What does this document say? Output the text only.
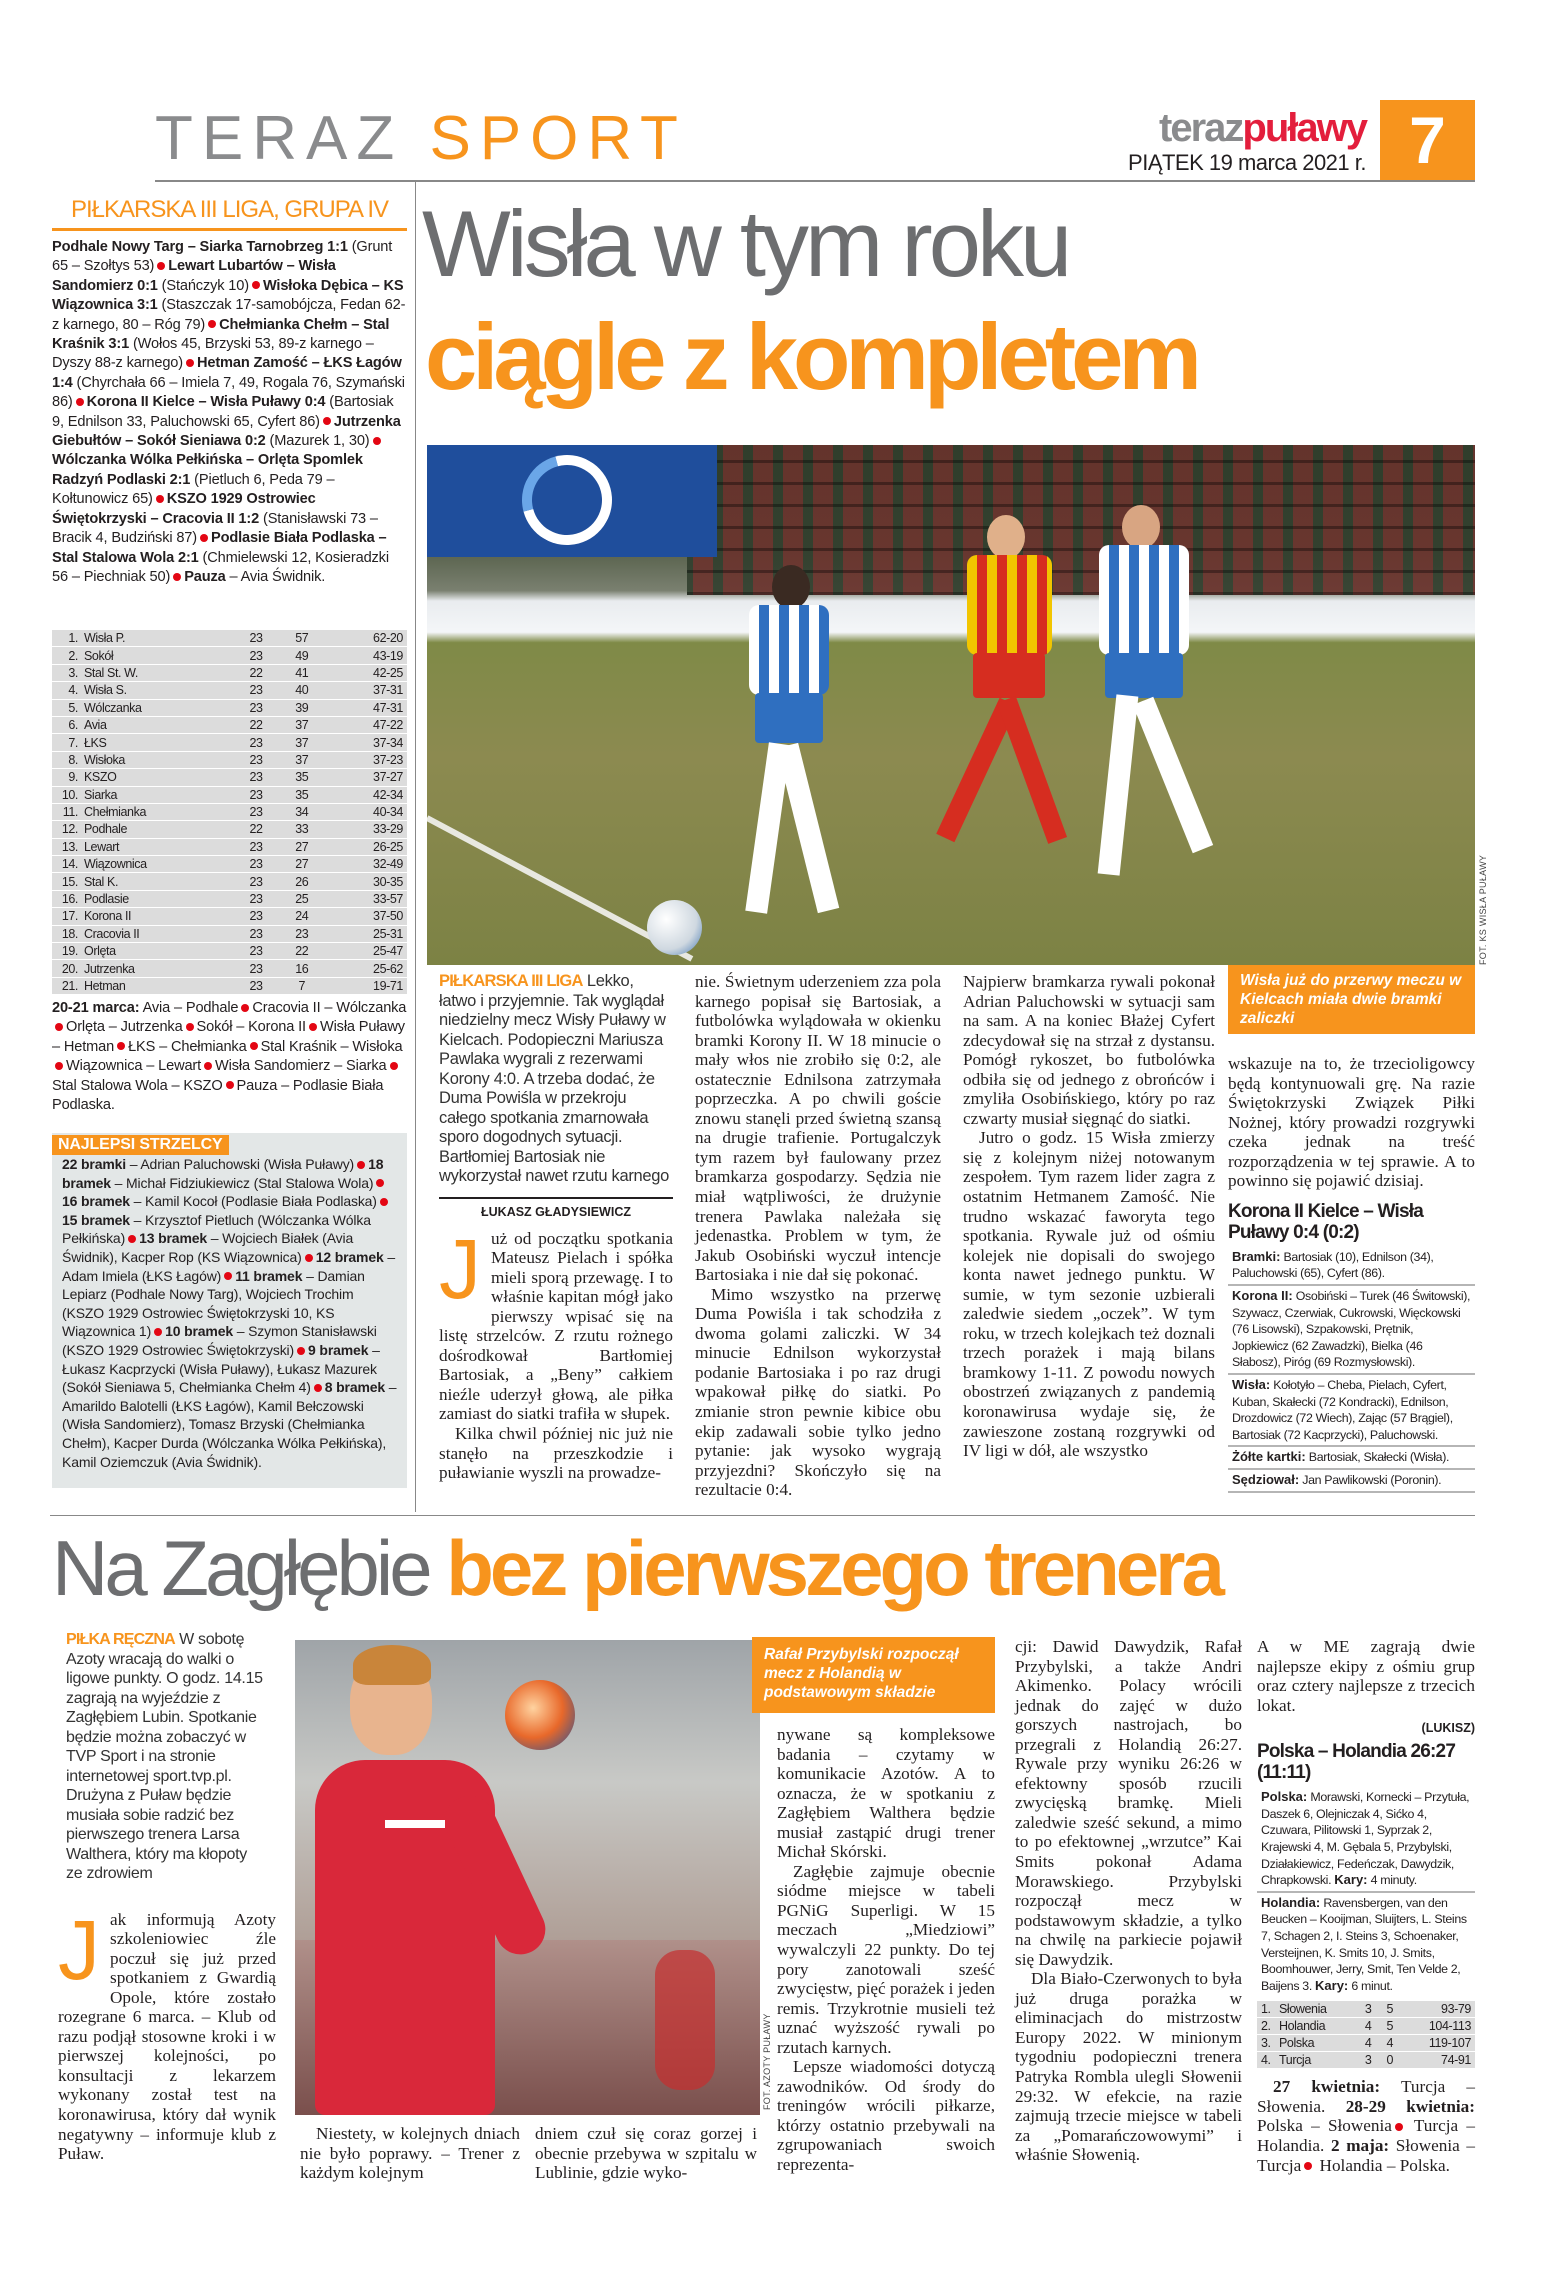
TERAZ SPORT	terazpuławy
PIĄTEK 19 marca 2021 r. 7
PIŁKARSKA III LIGA, GRUPA IV
Podhale Nowy Targ – Siarka Tarnobrzeg 1:1 (Grunt 65 – Szołtys 53) Lewart Lubartów – Wisła Sandomierz 0:1 (Stańczyk 10) Wisłoka Dębica – KS Wiązownica 3:1 (Staszczak 17-samobójcza, Fedan 62-z karnego, 80 – Róg 79) Chełmianka Chełm – Stal Kraśnik 3:1 (Wołos 45, Brzyski 53, 89-z karnego – Dyszy 88-z karnego) Hetman Zamość – ŁKS Łagów 1:4 (Chyrchała 66 – Imiela 7, 49, Rogala 76, Szymański 86) Korona II Kielce – Wisła Puławy 0:4 (Bartosiak 9, Ednilson 33, Paluchowski 65, Cyfert 86) Jutrzenka Giebułtów – Sokół Sieniawa 0:2 (Mazurek 1, 30)Wólczanka Wólka Pełkińska – Orlęta Spomlek Radzyń Podlaski 2:1 (Pietluch 6, Peda 79 – Kołtunowicz 65) KSZO 1929 Ostrowiec Świętokrzyski – Cracovia II 1:2 (Stanisławski 73 – Bracik 4, Budziński 87) Podlasie Biała Podlaska – Stal Stalowa Wola 2:1 (Chmielewski 12, Kosieradzki 56 – Piechniak 50) Pauza – Avia Świdnik.
1.	Wisła P.	23	57	62-20
2.	Sokół	23	49	43-19
3.	Stal St. W.	22	41	42-25
4.	Wisła S.	23	40	37-31
5.	Wólczanka	23	39	47-31
6.	Avia	22	37	47-22
7.	ŁKS	23	37	37-34
8.	Wisłoka	23	37	37-23
9.	KSZO	23	35	37-27
10.	Siarka	23	35	42-34
11.	Chełmianka	23	34	40-34
12.	Podhale	22	33	33-29
13.	Lewart	23	27	26-25
14.	Wiązownica	23	27	32-49
15.	Stal K.	23	26	30-35
16.	Podlasie	23	25	33-57
17.	Korona II	23	24	37-50
18.	Cracovia II	23	23	25-31
19.	Orlęta	23	22	25-47
20.	Jutrzenka	23	16	25-62
21.	Hetman	23	7	19-71
20-21 marca: Avia – Podhale Cracovia II – WólczankaOrlęta – Jutrzenka Sokół – Korona II Wisła Puławy – Hetman ŁKS – Chełmianka Stal Kraśnik – WisłokaWiązownica – Lewart Wisła Sandomierz – SiarkaStal Stalowa Wola – KSZO Pauza – Podlasie Biała Podlaska.
NAJLEPSI STRZELCY
22 bramki – Adrian Paluchowski (Wisła Puławy) 18 bramek – Michał Fidziukiewicz (Stal Stalowa Wola)16 bramek – Kamil Kocoł (Podlasie Biała Podlaska)15 bramek – Krzysztof Pietluch (Wólczanka Wólka Pełkińska) 13 bramek – Wojciech Białek (Avia Świdnik), Kacper Rop (KS Wiązownica) 12 bramek – Adam Imiela (ŁKS Łagów) 11 bramek – Damian Lepiarz (Podhale Nowy Targ), Wojciech Trochim (KSZO 1929 Ostrowiec Świętokrzyski 10, KS Wiązownica 1) 10 bramek – Szymon Stanisławski (KSZO 1929 Ostrowiec Świętokrzyski) 9 bramek – Łukasz Kacprzycki (Wisła Puławy), Łukasz Mazurek (Sokół Sieniawa 5, Chełmianka Chełm 4) 8 bramek – Amarildo Balotelli (ŁKS Łagów), Kamil Bełczowski (Wisła Sandomierz), Tomasz Brzyski (Chełmianka Chełm), Kacper Durda (Wólczanka Wólka Pełkińska), Kamil Oziemczuk (Avia Świdnik).
Wisła w tym roku
ciągle z kompletem
FOT. KS WISŁA PUŁAWY
PIŁKARSKA III LIGA Lekko, łatwo i przyjemnie. Tak wyglądał niedzielny mecz Wisły Puławy w Kielcach. Podopieczni Mariusza Pawlaka wygrali z rezerwami Korony 4:0. A trzeba dodać, że Duma Powiśla w przekroju całego spotkania zmarnowała sporo dogodnych sytuacji. Bartłomiej Bartosiak nie wykorzystał nawet rzutu karnego
ŁUKASZ GŁADYSIEWICZ
J uż od początku spotkania Mateusz Pielach i spółka mieli sporą przewagę. I to właśnie kapitan mógł jako pierwszy wpisać się na listę strzelców. Z rzutu rożnego dośrodkował Bartłomiej Bartosiak, a „Beny” całkiem nieźle uderzył głową, ale piłka zamiast do siatki trafiła w słupek.

Kilka chwil później nic już nie stanęło na przeszkodzie i puławianie wyszli na prowadze-

nie. Świetnym uderzeniem zza pola karnego popisał się Bartosiak, a futbolówka wylądowała w okienku bramki Korony II. W 18 minucie o mały włos nie zrobiło się 0:2, ale ostatecznie Ednilsona zatrzymała poprzeczka. A po chwili goście znowu stanęli przed świetną szansą na drugie trafienie. Portugalczyk tym razem był faulowany przez bramkarza gospodarzy. Sędzia nie miał wątpliwości, że drużynie trenera Pawlaka należała się jedenastka. Problem w tym, że Jakub Osobiński wyczuł intencje Bartosiaka i nie dał się pokonać.

Mimo wszystko na przerwę Duma Powiśla i tak schodziła z dwoma golami zaliczki. W 34 minucie Ednilson wykorzystał podanie Bartosiaka i po raz drugi wpakował piłkę do siatki. Po zmianie stron pewnie kibice obu ekip zadawali sobie tylko jedno pytanie: jak wysoko wygrają przyjezdni? Skończyło się na rezultacie 0:4.

Najpierw bramkarza rywali pokonał Adrian Paluchowski w sytuacji sam na sam. A na koniec Błażej Cyfert zdecydował się na strzał z dystansu. Pomógł rykoszet, bo futbolówka odbiła się od jednego z obrońców i zmyliła Osobińskiego, który po raz czwarty musiał sięgnąć do siatki.

Jutro o godz. 15 Wisła zmierzy się z kolejnym niżej notowanym zespołem. Tym razem lider zagra z ostatnim Hetmanem Zamość. Nie trudno wskazać faworyta tego spotkania. Rywale już od ośmiu kolejek nie dopisali do swojego konta nawet jednego punktu. W sumie, w tym sezonie uzbierali zaledwie siedem „oczek”. W tym roku, w trzech kolejkach też doznali trzech porażek i mają bilans bramkowy 1-11. Z powodu nowych obostrzeń związanych z pandemią koronawirusa wydaje się, że zawieszone zostaną rozgrywki od IV ligi w dół, ale wszystko

Wisła już do przerwy meczu w Kielcach miała dwie bramki zaliczki

wskazuje na to, że trzecioligowcy będą kontynuowali grę. Na razie Świętokrzyski Związek Piłki Nożnej, który prowadzi rozgrywki czeka jednak na treść rozporządzenia w tej sprawie. A to powinno się pojawić dzisiaj.

Korona II Kielce – Wisła Puławy 0:4 (0:2)
Bramki: Bartosiak (10), Ednilson (34), Paluchowski (65), Cyfert (86).
Korona II: Osobiński – Turek (46 Świtowski), Szywacz, Czerwiak, Cukrowski, Więckowski (76 Lisowski), Szpakowski, Prętnik, Jopkiewicz (62 Zawadzki), Bielka (46 Słabosz), Piróg (69 Rozmysłowski).
Wisła: Kołotyło – Cheba, Pielach, Cyfert, Kuban, Skałecki (72 Kondracki), Ednilson, Drozdowicz (72 Wiech), Zając (57 Brągiel), Bartosiak (72 Kacprzycki), Paluchowski.
Żółte kartki: Bartosiak, Skałecki (Wisła).
Sędziował: Jan Pawlikowski (Poronin).
Na Zagłębie bez pierwszego trenera
PIŁKA RĘCZNA W sobotę Azoty wracają do walki o ligowe punkty. O godz. 14.15 zagrają na wyjeździe z Zagłębiem Lubin. Spotkanie będzie można zobaczyć w TVP Sport i na stronie internetowej sport.tvp.pl. Drużyna z Puław będzie musiała sobie radzić bez pierwszego trenera Larsa Walthera, który ma kłopoty ze zdrowiem
J ak informują Azoty szkoleniowiec źle poczuł się już przed spotkaniem z Gwardią Opole, które zostało rozegrane 6 marca. – Klub od razu podjął stosowne kroki i w pierwszej kolejności, po konsultacji z lekarzem wykonany został test na koronawirusa, który dał wynik negatywny – informuje klub z Puław.

FOT. AZOTY PUŁAWY

Niestety, w kolejnych dniach nie było poprawy. – Trener z każdym kolejnym

dniem czuł się coraz gorzej i obecnie przebywa w szpitalu w Lublinie, gdzie wyko-

Rafał Przybylski rozpoczął mecz z Holandią w podstawowym składzie

nywane są kompleksowe badania – czytamy w komunikacie Azotów. A to oznacza, że w spotkaniu z Zagłębiem Walthera będzie musiał zastąpić drugi trener Michał Skórski.

Zagłębie zajmuje obecnie siódme miejsce w tabeli PGNiG Superligi. W 15 meczach „Miedziowi” wywalczyli 22 punkty. Do tej pory zanotowali sześć zwycięstw, pięć porażek i jeden remis. Trzykrotnie musieli też uznać wyższość rywali po rzutach karnych.

Lepsze wiadomości dotyczą zawodników. Od środy do treningów wrócili piłkarze, którzy ostatnio przebywali na zgrupowaniach swoich reprezenta-

cji: Dawid Dawydzik, Rafał Przybylski, a także Andri Akimenko. Polacy wrócili jednak do zajęć w dużo gorszych nastrojach, bo przegrali z Holandią 26:27. Rywale przy wyniku 26:26 w efektowny sposób rzucili zwycięską bramkę. Mieli zaledwie sześć sekund, a mimo to po efektownej „wrzutce” Kai Smits pokonał Adama Morawskiego. Przybylski rozpoczął mecz w podstawowym składzie, a tylko na chwilę na parkiecie pojawił się Dawydzik.

Dla Biało-Czerwonych to była już druga porażka w eliminacjach do mistrzostw Europy 2022. W minionym tygodniu podopieczni trenera Patryka Rombla ulegli Słowenii 29:32. W efekcie, na razie zajmują trzecie miejsce w tabeli za „Pomarańczowowymi” i właśnie Słowenią.

A w ME zagrają dwie najlepsze ekipy z ośmiu grup oraz cztery najlepsze z trzecich lokat.

(LUKISZ)
Polska – Holandia 26:27 (11:11)
Polska: Morawski, Kornecki – Przytuła, Daszek 6, Olejniczak 4, Sićko 4, Czuwara, Pilitowski 1, Syprzak 2, Krajewski 4, M. Gębala 5, Przybylski, Działakiewicz, Fedeńczak, Dawydzik, Chrapkowski. Kary: 4 minuty.
Holandia: Ravensbergen, van den Beucken – Kooijman, Sluijters, L. Steins 7, Schagen 2, I. Steins 3, Schoenaker, Versteijnen, K. Smits 10, J. Smits, Boomhouwer, Jerry, Smit, Ten Velde 2, Baijens 3. Kary: 6 minut.
1.	Słowenia	3	5	93-79
2.	Holandia	4	5	104-113
3.	Polska	4	4	119-107
4.	Turcja	3	0	74-91

27 kwietnia: Turcja – Słowenia. 28-29 kwietnia: Polska – Słowenia Turcja – Holandia. 2 maja: Słowenia – Turcja Holandia – Polska.
